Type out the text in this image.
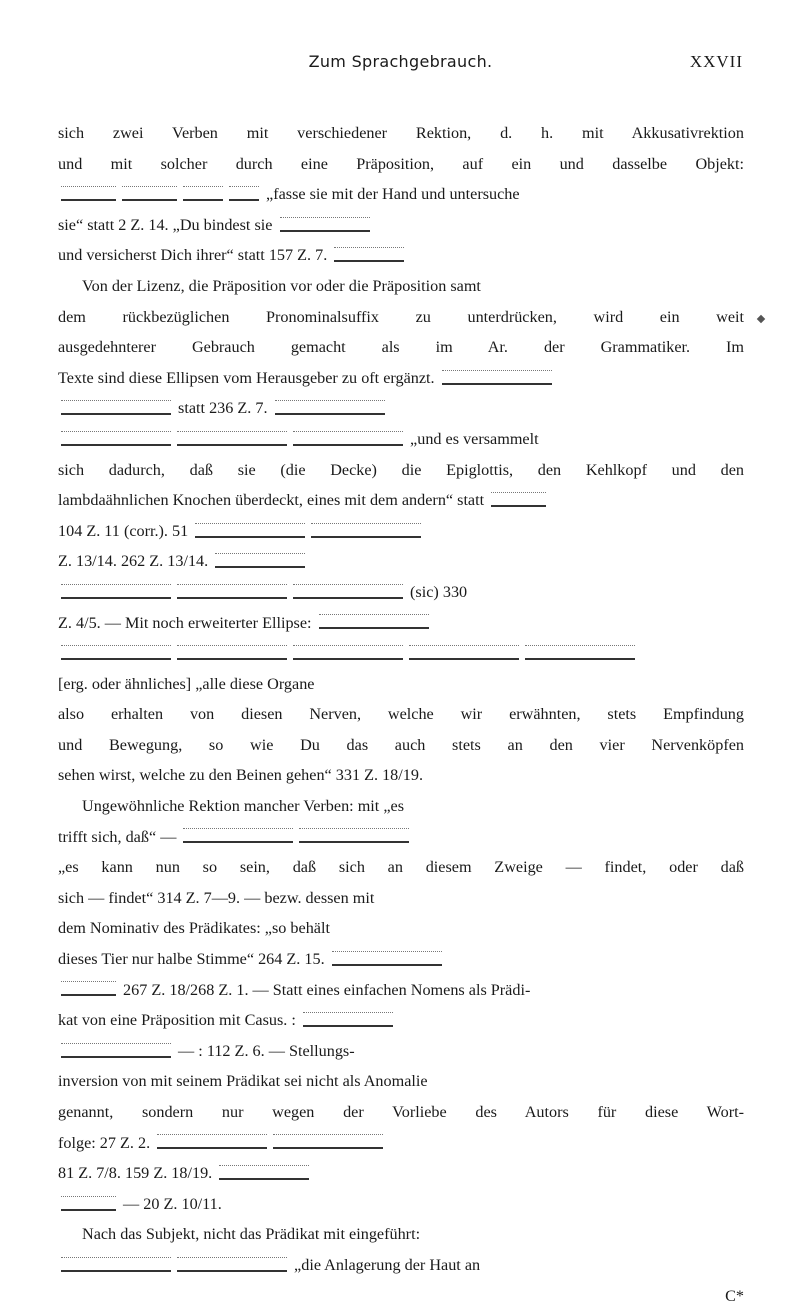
Zum Sprachgebrauch.	XXVII
sich zwei Verben mit verschiedener Rektion, d. h. mit Akkusativrektion
und mit solcher durch eine Präposition, auf ein und dasselbe Objekt:
„fasse sie mit der Hand und untersuche
sie“ statt 2 Z. 14. „Du bindest sie
und versicherst Dich ihrer“ statt 157 Z. 7.
Von der Lizenz, die Präposition vor oder die Präposition samt
dem rückbezüglichen Pronominalsuffix zu unterdrücken, wird ein weit
ausgedehnterer Gebrauch gemacht als im Ar. der Grammatiker. Im
Texte sind diese Ellipsen vom Herausgeber zu oft ergänzt.
statt 236 Z. 7.
„und es versammelt
sich dadurch, daß sie (die Decke) die Epiglottis, den Kehlkopf und den
lambdaähnlichen Knochen überdeckt, eines mit dem andern“ statt
104 Z. 11 (corr.). 51
Z. 13/14. 262 Z. 13/14.
(sic) 330
Z. 4/5. — Mit noch erweiterter Ellipse:
[erg. oder ähnliches] „alle diese Organe
also erhalten von diesen Nerven, welche wir erwähnten, stets Empfindung
und Bewegung, so wie Du das auch stets an den vier Nervenköpfen
sehen wirst, welche zu den Beinen gehen“ 331 Z. 18/19.
Ungewöhnliche Rektion mancher Verben: mit „es
trifft sich, daß“ —
„es kann nun so sein, daß sich an diesem Zweige — findet, oder daß
sich — findet“ 314 Z. 7—9. — bezw. dessen mit
dem Nominativ des Prädikates: „so behält
dieses Tier nur halbe Stimme“ 264 Z. 15.
267 Z. 18/268 Z. 1. — Statt eines einfachen Nomens als Prädi-
kat von eine Präposition mit Casus. :
— : 112 Z. 6. — Stellungs-
inversion von mit seinem Prädikat sei nicht als Anomalie
genannt, sondern nur wegen der Vorliebe des Autors für diese Wort-
folge: 27 Z. 2.
81 Z. 7/8. 159 Z. 18/19.
— 20 Z. 10/11.
Nach das Subjekt, nicht das Prädikat mit eingeführt:
„die Anlagerung der Haut an
C*
